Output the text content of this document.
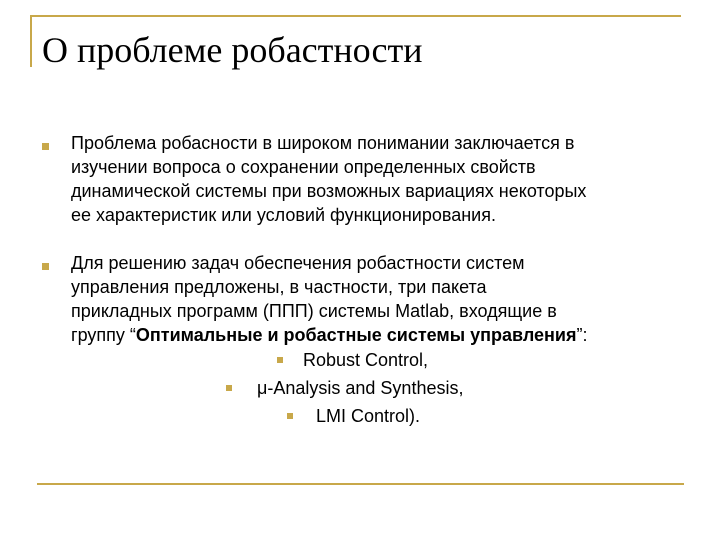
О проблеме робастности
Проблема робасности в широком понимании заключается в
изучении вопроса о сохранении определенных свойств
динамической системы при возможных вариациях некоторых
ее характеристик или условий функционирования.
Для решению задач обеспечения робастности систем
управления предложены, в частности, три пакета
прикладных программ (ППП) системы Matlab, входящие в
группу “Оптимальные и робастные системы управления”:
Robust Control,
μ-Analysis and Synthesis,
LMI Control).
